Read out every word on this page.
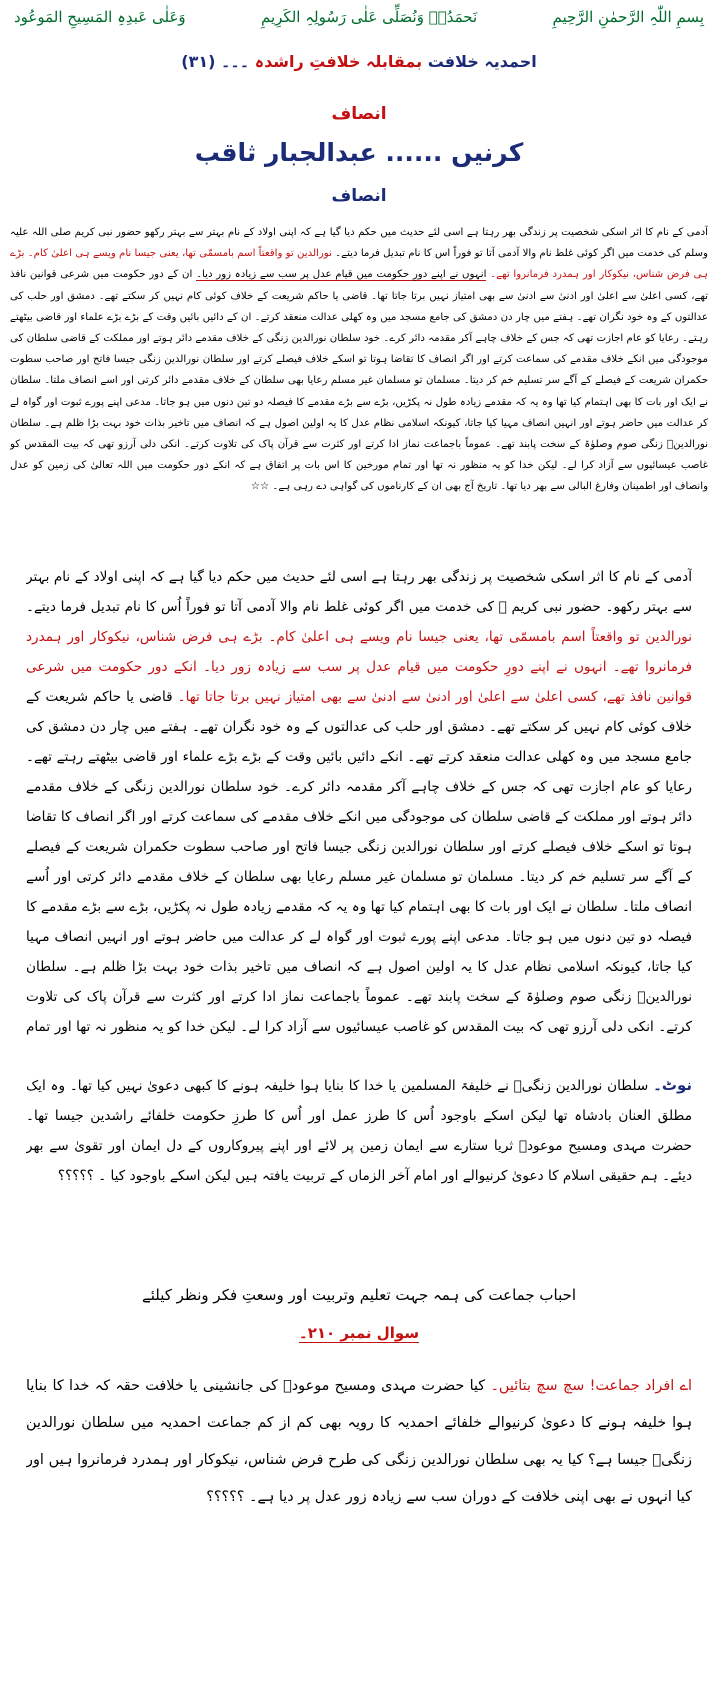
بِسمِ اللّٰہِ الرَّحمٰنِ الرَّحِیمِ
نَحمَدُہٗ وَنُصَلِّی عَلٰی رَسُولِہِ الکَرِیمِ
وَعَلٰی عَبدِہِ المَسِیحِ المَوعُود
احمدیہ خلافت بمقابلہ خلافتِ راشدہ ۔۔۔ (۳۱)
انصاف
کرنیں ...... عبدالجبار ثاقب
انصاف
آدمی کے نام کا اثر اسکی شخصیت پر زندگی بھر رہتا ہے اسی لئے حدیث میں حکم دیا گیا ہے کہ اپنی اولاد کے نام بہتر سے بہتر رکھو حضور نبی کریم صلی اللہ علیہ وسلم کی خدمت میں اگر کوئی غلط نام والا آدمی آتا تو فوراً اس کا نام تبدیل فرما دیتے۔ نورالدین تو واقعتاً اسم بامسمّی تھا، یعنی جیسا نام ویسے ہی اعلیٰ کام۔ بڑے ہی فرض شناس، نیکوکار اور ہمدرد فرمانروا تھے۔ انہوں نے اپنے دورِ حکومت میں قیام عدل پر سب سے زیادہ زور دیا۔ ان کے دور حکومت میں شرعی قوانین نافذ تھے، کسی اعلیٰ سے اعلیٰ اور ادنیٰ سے ادنیٰ سے بھی امتیاز نہیں برتا جاتا تھا۔ قاضی یا حاکم شریعت کے خلاف کوئی کام نہیں کر سکتے تھے۔ دمشق اور حلب کی عدالتوں کے وہ خود نگران تھے۔ ہفتے میں چار دن دمشق کی جامع مسجد میں وہ کھلی عدالت منعقد کرتے۔ ان کے دائیں بائیں وقت کے بڑے بڑے علماء اور قاضی بیٹھتے رہتے۔ رعایا کو عام اجازت تھی کہ جس کے خلاف چاہے آکر مقدمہ دائر کرے۔ خود سلطان نورالدین زنگی کے خلاف مقدمے دائر ہوتے اور مملکت کے قاضی سلطان کی موجودگی میں انکے خلاف مقدمے کی سماعت کرتے اور اگر انصاف کا تقاضا ہوتا تو اسکے خلاف فیصلے کرتے اور سلطان نورالدین زنگی جیسا فاتح اور صاحب سطوت حکمران شریعت کے فیصلے کے آگے سر تسلیم خم کر دیتا۔ مسلمان تو مسلمان غیر مسلم رعایا بھی سلطان کے خلاف مقدمے دائر کرتی اور اسے انصاف ملتا۔ سلطان نے ایک اور بات کا بھی اہتمام کیا تھا وہ یہ کہ مقدمے زیادہ طول نہ پکڑیں، بڑے سے بڑے مقدمے کا فیصلہ دو تین دنوں میں ہو جاتا۔ مدعی اپنے پورے ثبوت اور گواہ لے کر عدالت میں حاضر ہوتے اور انہیں انصاف مہیا کیا جاتا، کیونکہ اسلامی نظام عدل کا یہ اولین اصول ہے کہ انصاف میں تاخیر بذات خود بہت بڑا ظلم ہے۔ سلطان نورالدینؒ زنگی صوم وصلوٰۃ کے سخت پابند تھے۔ عموماً باجماعت نماز ادا کرتے اور کثرت سے قرآن پاک کی تلاوت کرتے۔ انکی دلی آرزو تھی کہ بیت المقدس کو غاصب عیسائیوں سے آزاد کرا لے۔ لیکن خدا کو یہ منظور نہ تھا اور تمام مورخین کا اس بات پر اتفاق ہے کہ انکے دور حکومت میں اللہ تعالیٰ کی زمین کو عدل وانصاف اور اطمینان وفارغ البالی سے بھر دیا تھا۔ تاریخ آج بھی ان کے کارناموں کی گواہی دے رہی ہے۔ ☆☆
آدمی کے نام کا اثر اسکی شخصیت پر زندگی بھر رہتا ہے اسی لئے حدیث میں حکم دیا گیا ہے کہ اپنی اولاد کے نام بہتر سے بہتر رکھو۔ حضور نبی کریم ﷺ کی خدمت میں اگر کوئی غلط نام والا آدمی آتا تو فوراً اُس کا نام تبدیل فرما دیتے۔ نورالدین تو واقعتاً اسم بامسمّی تھا، یعنی جیسا نام ویسے ہی اعلیٰ کام۔ بڑے ہی فرض شناس، نیکوکار اور ہمدرد فرمانروا تھے۔ انہوں نے اپنے دورِ حکومت میں قیام عدل پر سب سے زیادہ زور دیا۔ انکے دور حکومت میں شرعی قوانین نافذ تھے، کسی اعلیٰ سے اعلیٰ اور ادنیٰ سے ادنیٰ سے بھی امتیاز نہیں برتا جاتا تھا۔ قاضی یا حاکم شریعت کے خلاف کوئی کام نہیں کر سکتے تھے۔ دمشق اور حلب کی عدالتوں کے وہ خود نگران تھے۔ ہفتے میں چار دن دمشق کی جامع مسجد میں وہ کھلی عدالت منعقد کرتے تھے۔ انکے دائیں بائیں وقت کے بڑے بڑے علماء اور قاضی بیٹھتے رہتے تھے۔ رعایا کو عام اجازت تھی کہ جس کے خلاف چاہے آکر مقدمہ دائر کرے۔ خود سلطان نورالدین زنگی کے خلاف مقدمے دائر ہوتے اور مملکت کے قاضی سلطان کی موجودگی میں انکے خلاف مقدمے کی سماعت کرتے اور اگر انصاف کا تقاضا ہوتا تو اسکے خلاف فیصلے کرتے اور سلطان نورالدین زنگی جیسا فاتح اور صاحب سطوت حکمران شریعت کے فیصلے کے آگے سر تسلیم خم کر دیتا۔ مسلمان تو مسلمان غیر مسلم رعایا بھی سلطان کے خلاف مقدمے دائر کرتی اور اُسے انصاف ملتا۔ سلطان نے ایک اور بات کا بھی اہتمام کیا تھا وہ یہ کہ مقدمے زیادہ طول نہ پکڑیں، بڑے سے بڑے مقدمے کا فیصلہ دو تین دنوں میں ہو جاتا۔ مدعی اپنے پورے ثبوت اور گواہ لے کر عدالت میں حاضر ہوتے اور انہیں انصاف مہیا کیا جاتا، کیونکہ اسلامی نظام عدل کا یہ اولین اصول ہے کہ انصاف میں تاخیر بذات خود بہت بڑا ظلم ہے۔ سلطان نورالدینؒ زنگی صوم وصلوٰۃ کے سخت پابند تھے۔ عموماً باجماعت نماز ادا کرتے اور کثرت سے قرآن پاک کی تلاوت کرتے۔ انکی دلی آرزو تھی کہ بیت المقدس کو غاصب عیسائیوں سے آزاد کرا لے۔ لیکن خدا کو یہ منظور نہ تھا اور تمام
نوٹ۔ سلطان نورالدین زنگیؒ نے خلیفۃ المسلمین یا خدا کا بنایا ہوا خلیفہ ہونے کا کبھی دعویٰ نہیں کیا تھا۔ وہ ایک مطلق العنان بادشاہ تھا لیکن اسکے باوجود اُس کا طرز عمل اور اُس کا طرزِ حکومت خلفائے راشدین جیسا تھا۔ حضرت مہدی ومسیح موعودؑ ثریا ستارے سے ایمان زمین پر لائے اور اپنے پیروکاروں کے دل ایمان اور تقویٰ سے بھر دیئے۔ ہم حقیقی اسلام کا دعویٰ کرنیوالے اور امام آخر الزماں کے تربیت یافتہ ہیں لیکن اسکے باوجود کیا ۔ ؟؟؟؟؟
احباب جماعت کی ہمہ جہت تعلیم وتربیت اور وسعتِ فکر ونظر کیلئے
سوال نمبر ۲۱۰۔
اے افراد جماعت! سچ سچ بتائیں۔ کیا حضرت مہدی ومسیح موعودؑ کی جانشینی یا خلافت حقہ کہ خدا کا بنایا ہوا خلیفہ ہونے کا دعویٰ کرنیوالے خلفائے احمدیہ کا رویہ بھی کم از کم جماعت احمدیہ میں سلطان نورالدین زنگیؒ جیسا ہے؟ کیا یہ بھی سلطان نورالدین زنگی کی طرح فرض شناس، نیکوکار اور ہمدرد فرمانروا ہیں اور کیا انہوں نے بھی اپنی خلافت کے دوران سب سے زیادہ زور عدل پر دیا ہے۔ ؟؟؟؟؟
